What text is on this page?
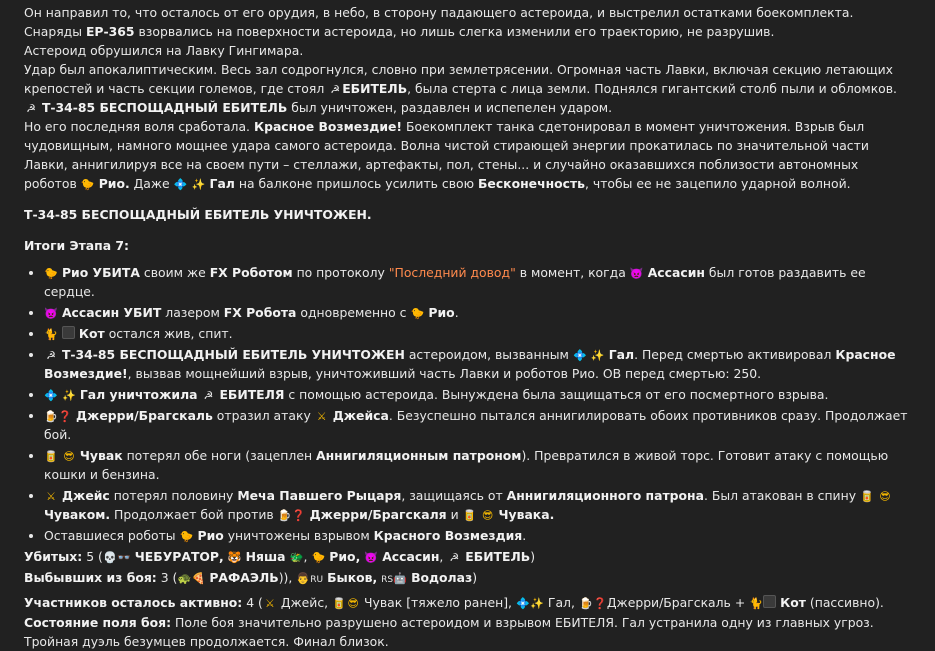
Он направил то, что осталось от его орудия, в небо, в сторону падающего астероида, и выстрелил остатками боекомплекта. Снаряды ЕР-365 взорвались на поверхности астероида, но лишь слегка изменили его траекторию, не разрушив.

Астероид обрушился на Лавку Гингимара.

Удар был апокалиптическим. Весь зал содрогнулся, словно при землетрясении. Огромная часть Лавки, включая секцию летающих крепостей и часть секции големов, где стоял ☭ ЕБИТЕЛЬ, была стерта с лица земли. Поднялся гигантский столб пыли и обломков.

☭ Т-34-85 БЕСПОЩАДНЫЙ ЕБИТЕЛЬ был уничтожен, раздавлен и испепелен ударом.

Но его последняя воля сработала. Красное Возмездие! Боекомплект танка сдетонировал в момент уничтожения. Взрыв был чудовищным, намного мощнее удара самого астероида. Волна чистой стирающей энергии прокатилась по значительной части Лавки, аннигилируя все на своем пути – стеллажи, артефакты, пол, стены... и случайно оказавшихся поблизости автономных роботов 🐤 Рио. Даже 💠 ✨ Гал на балконе пришлось усилить свою Бесконечность, чтобы ее не зацепило ударной волной.

Т-34-85 БЕСПОЩАДНЫЙ ЕБИТЕЛЬ УНИЧТОЖЕН.

Итоги Этапа 7:

• 🐤 Рио УБИТА своим же FX Роботом по протоколу "Последний довод" в момент, когда 👿 Ассасин был готов раздавить ее сердце.
• 👿 Ассасин УБИТ лазером FX Робота одновременно с 🐤 Рио.
• 🐈 Кот остался жив, спит.
• ☭ Т-34-85 БЕСПОЩАДНЫЙ ЕБИТЕЛЬ УНИЧТОЖЕН астероидом, вызванным 💠 ✨ Гал. Перед смертью активировал Красное Возмездие!, вызвав мощнейший взрыв, уничтоживший часть Лавки и роботов Рио. ОВ перед смертью: 250.
• 💠 ✨ Гал уничтожила ☭ ЕБИТЕЛЯ с помощью астероида. Вынуждена была защищаться от его посмертного взрыва.
• 🍺❓ Джерри/Брагскаль отразил атаку ⚔ Джейса. Безуспешно пытался аннигилировать обоих противников сразу. Продолжает бой.
• 🥫 😎 Чувак потерял обе ноги (зацеплен Аннигиляционным патроном). Превратился в живой торс. Готовит атаку с помощью кошки и бензина.
• ⚔ Джейс потерял половину Меча Павшего Рыцаря, защищаясь от Аннигиляционного патрона. Был атакован в спину 🥫 😎 Чуваком. Продолжает бой против 🍺❓ Джерри/Брагскаля и 🥫 😎 Чувака.
• Оставшиеся роботы 🐤 Рио уничтожены взрывом Красного Возмездия.

Убитых: 5 (💀👓 ЧЕБУРАТОР, 🐯 Няша 🐲, 🐤 Рио, 👿 Ассасин, ☭ ЕБИТЕЛЬ)

Выбывших из боя: 3 (🐢🍕 РАФАЭЛЬ)), 👨RU Быков, RS🤖 Водолаз)

Участников осталось активно: 4 ( ⚔ Джейс, 🥫😎 Чувак [тяжело ранен], 💠✨ Гал, 🍺❓Джерри/Брагскаль + 🐈 Кот (пассивно).

Состояние поля боя: Поле боя значительно разрушено астероидом и взрывом ЕБИТЕЛЯ. Гал устранила одну из главных угроз. Тройная дуэль безумцев продолжается. Финал близок.
